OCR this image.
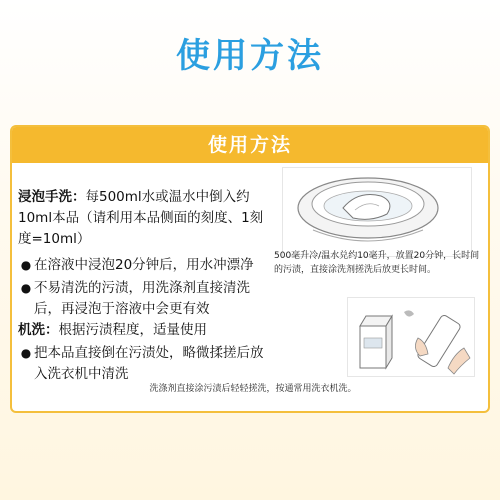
使用方法
使用方法

浸泡手洗：每500ml水或温水中倒入约10ml本品（请利用本品侧面的刻度、1刻度=10ml）

● 在溶液中浸泡20分钟后，用水冲漂净
● 不易清洗的污渍，用洗涤剂直接清洗后，再浸泡于溶液中会更有效

机洗：根据污渍程度，适量使用

● 把本品直接倒在污渍处，略微揉搓后放入洗衣机中清洗
500毫升冷/温水兑约10毫升，放置20分钟，长时间的污渍，直接涂洗剂搓洗后放更长时间。
洗涤剂直接涂污渍后轻轻搓洗，按通常用洗衣机洗。
